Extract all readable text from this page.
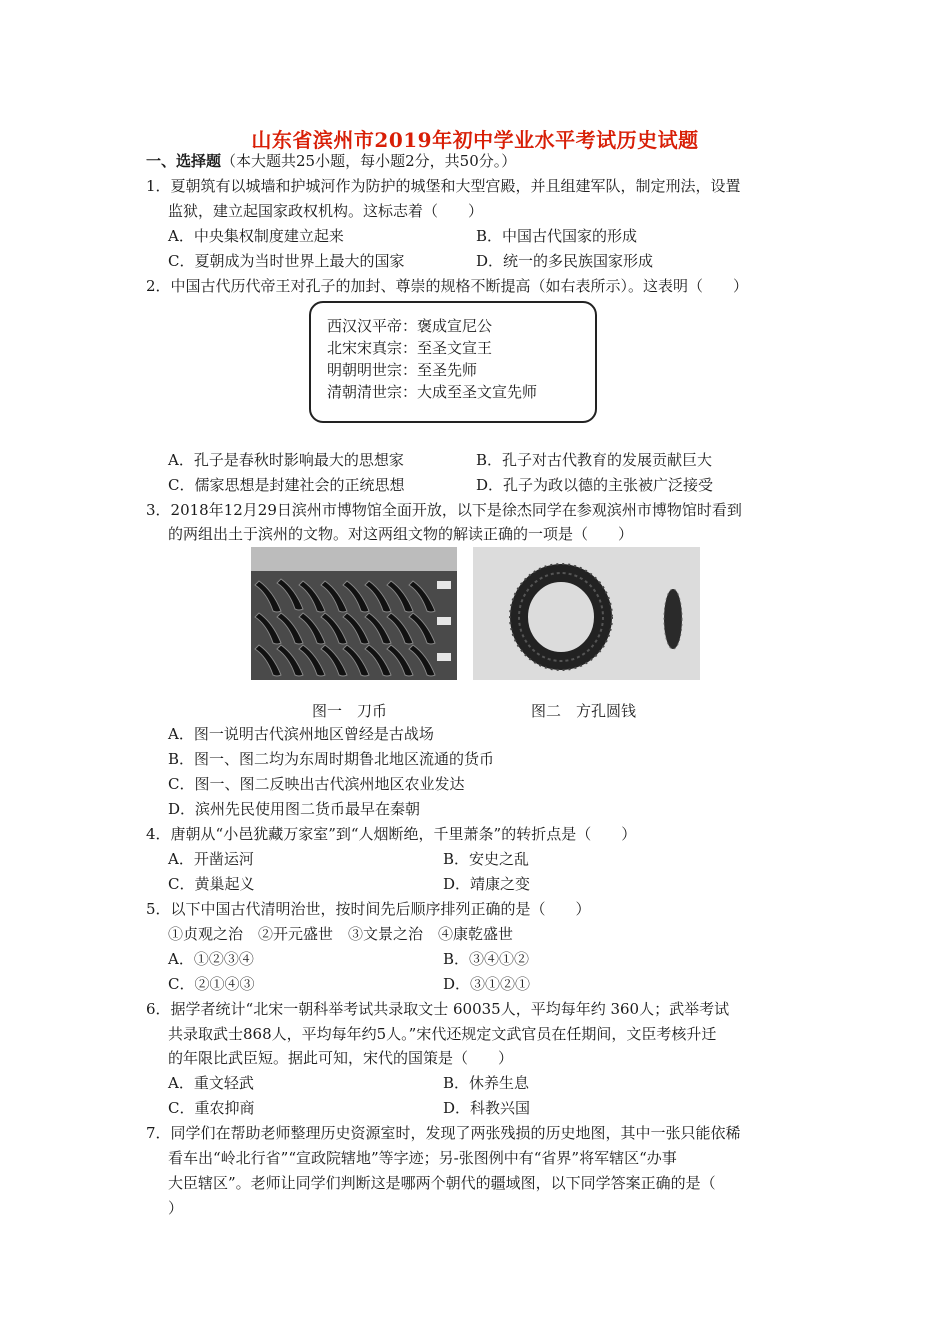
山东省滨州市2019年初中学业水平考试历史试题
一、选择题（本大题共25小题，每小题2分，共50分。）
1．夏朝筑有以城墙和护城河作为防护的城堡和大型宫殿，并且组建军队，制定刑法，设置
监狱，建立起国家政权机构。这标志着（　　）
A．中央集权制度建立起来	B．中国古代国家的形成
C．夏朝成为当时世界上最大的国家	D．统一的多民族国家形成
2．中国古代历代帝王对孔子的加封、尊崇的规格不断提高（如右表所示）。这表明（　　）
西汉汉平帝：褒成宣尼公
北宋宋真宗：至圣文宣王
明朝明世宗：至圣先师
清朝清世宗：大成至圣文宣先师
A．孔子是春秋时影响最大的思想家	B．孔子对古代教育的发展贡献巨大
C．儒家思想是封建社会的正统思想	D．孔子为政以德的主张被广泛接受
3．2018年12月29日滨州市博物馆全面开放，以下是徐杰同学在参观滨州市博物馆时看到
的两组出土于滨州的文物。对这两组文物的解读正确的一项是（　　）
图一　刀币	图二　方孔圆钱
A．图一说明古代滨州地区曾经是古战场
B．图一、图二均为东周时期鲁北地区流通的货币
C．图一、图二反映出古代滨州地区农业发达
D．滨州先民使用图二货币最早在秦朝
4．唐朝从“小邑犹藏万家室”到“人烟断绝，千里萧条”的转折点是（　　）
A．开凿运河	B．安史之乱
C．黄巢起义	D．靖康之变
5．以下中国古代清明治世，按时间先后顺序排列正确的是（　　）
①贞观之治　②开元盛世　③文景之治　④康乾盛世
A．①②③④	B．③④①②
C．②①④③	D．③①②①
6．据学者统计“北宋一朝科举考试共录取文士 60035人，平均每年约 360人；武举考试
共录取武士868人，平均每年约5人。”宋代还规定文武官员在任期间，文臣考核升迁
的年限比武臣短。据此可知，宋代的国策是（　　）
A．重文轻武	B．休养生息
C．重农抑商	D．科教兴国
7．同学们在帮助老师整理历史资源室时，发现了两张残损的历史地图，其中一张只能依稀
看车出“岭北行省”“宣政院辖地”等字迹；另-张图例中有“省界”将军辖区“办事
大臣辖区”。老师让同学们判断这是哪两个朝代的疆域图，以下同学答案正确的是（
）
